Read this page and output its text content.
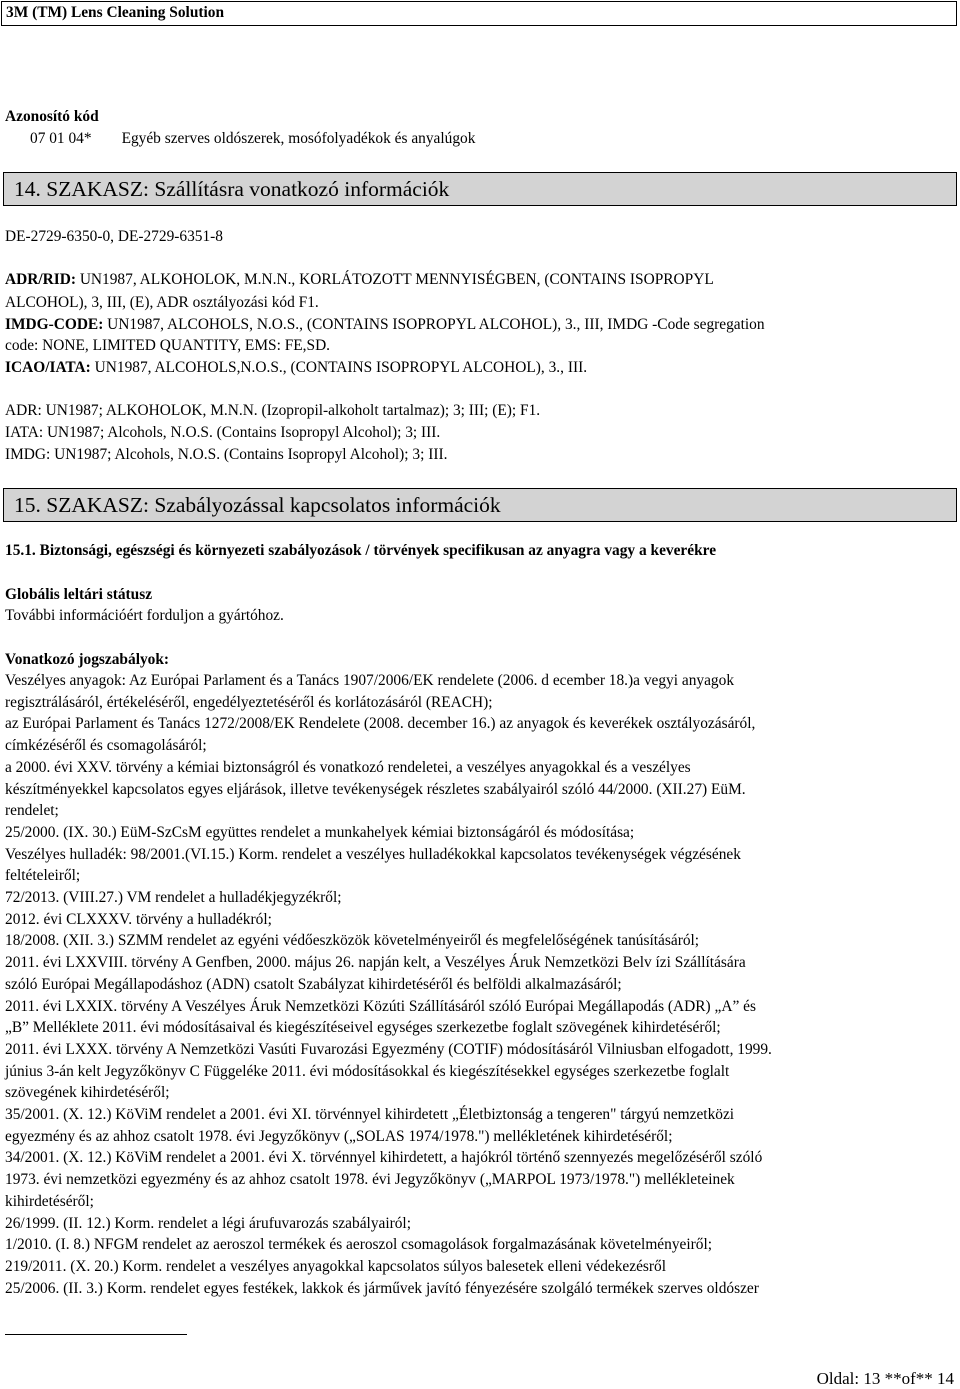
3M (TM) Lens Cleaning Solution
Azonosító kód
07 01 04* Egyéb szerves oldószerek, mosófolyadékok és anyalúgok
14. SZAKASZ: Szállításra vonatkozó információk
DE-2729-6350-0, DE-2729-6351-8
ADR/RID: UN1987, ALKOHOLOK, M.N.N., KORLÁTOZOTT MENNYISÉGBEN, (CONTAINS ISOPROPYL
ALCOHOL), 3, III, (E), ADR osztályozási kód F1.
IMDG-CODE: UN1987, ALCOHOLS, N.O.S., (CONTAINS ISOPROPYL ALCOHOL), 3., III, IMDG -Code segregation
code: NONE, LIMITED QUANTITY, EMS: FE,SD.
ICAO/IATA: UN1987, ALCOHOLS,N.O.S., (CONTAINS ISOPROPYL ALCOHOL), 3., III.
ADR: UN1987; ALKOHOLOK, M.N.N. (Izopropil-alkoholt tartalmaz); 3; III; (E); F1.
IATA: UN1987; Alcohols, N.O.S. (Contains Isopropyl Alcohol); 3; III.
IMDG: UN1987; Alcohols, N.O.S. (Contains Isopropyl Alcohol); 3; III.
15. SZAKASZ: Szabályozással kapcsolatos információk
15.1. Biztonsági, egészségi és környezeti szabályozások / törvények specifikusan az anyagra vagy a keverékre
Globális leltári státusz
További információért forduljon a gyártóhoz.
Vonatkozó jogszabályok:
Veszélyes anyagok: Az Európai Parlament és a Tanács 1907/2006/EK rendelete (2006. d ecember 18.)a vegyi anyagok
regisztrálásáról, értékeléséről, engedélyeztetéséről és korlátozásáról (REACH);
az Európai Parlament és Tanács 1272/2008/EK Rendelete (2008. december 16.) az anyagok és keverékek osztályozásáról,
címkézéséről és csomagolásáról;
a 2000. évi XXV. törvény a kémiai biztonságról és vonatkozó rendeletei, a veszélyes anyagokkal és a veszélyes
készítményekkel kapcsolatos egyes eljárások, illetve tevékenységek részletes szabályairól szóló 44/2000. (XII.27) EüM.
rendelet;
25/2000. (IX. 30.) EüM-SzCsM együttes rendelet a munkahelyek kémiai biztonságáról és módosítása;
Veszélyes hulladék: 98/2001.(VI.15.) Korm. rendelet a veszélyes hulladékokkal kapcsolatos tevékenységek végzésének
feltételeiről;
72/2013. (VIII.27.) VM rendelet a hulladékjegyzékről;
2012. évi CLXXXV. törvény a hulladékról;
18/2008. (XII. 3.) SZMM rendelet az egyéni védőeszközök követelményeiről és megfelelőségének tanúsításáról;
2011. évi LXXVIII. törvény A Genfben, 2000. május 26. napján kelt, a Veszélyes Áruk Nemzetközi Belv ízi Szállítására
szóló Európai Megállapodáshoz (ADN) csatolt Szabályzat kihirdetéséről és belföldi alkalmazásáról;
2011. évi LXXIX. törvény A Veszélyes Áruk Nemzetközi Közúti Szállításáról szóló Európai Megállapodás (ADR) „A” és
„B” Melléklete 2011. évi módosításaival és kiegészítéseivel egységes szerkezetbe foglalt szövegének kihirdetéséről;
2011. évi LXXX. törvény A Nemzetközi Vasúti Fuvarozási Egyezmény (COTIF) módosításáról Vilniusban elfogadott, 1999.
június 3-án kelt Jegyzőkönyv C Függeléke 2011. évi módosításokkal és kiegészítésekkel egységes szerkezetbe foglalt
szövegének kihirdetéséről;
35/2001. (X. 12.) KöViM rendelet a 2001. évi XI. törvénnyel kihirdetett „Életbiztonság a tengeren" tárgyú nemzetközi
egyezmény és az ahhoz csatolt 1978. évi Jegyzőkönyv („SOLAS 1974/1978.") mellékletének kihirdetéséről;
34/2001. (X. 12.) KöViM rendelet a 2001. évi X. törvénnyel kihirdetett, a hajókról történő szennyezés megelőzéséről szóló
1973. évi nemzetközi egyezmény és az ahhoz csatolt 1978. évi Jegyzőkönyv („MARPOL 1973/1978.") mellékleteinek
kihirdetéséről;
26/1999. (II. 12.) Korm. rendelet a légi árufuvarozás szabályairól;
1/2010. (I. 8.) NFGM rendelet az aeroszol termékek és aeroszol csomagolások forgalmazásának követelményeiről;
219/2011. (X. 20.) Korm. rendelet a veszélyes anyagokkal kapcsolatos súlyos balesetek elleni védekezésről
25/2006. (II. 3.) Korm. rendelet egyes festékek, lakkok és járművek javító fényezésére szolgáló termékek szerves oldószer
Oldal: 13 **of** 14
